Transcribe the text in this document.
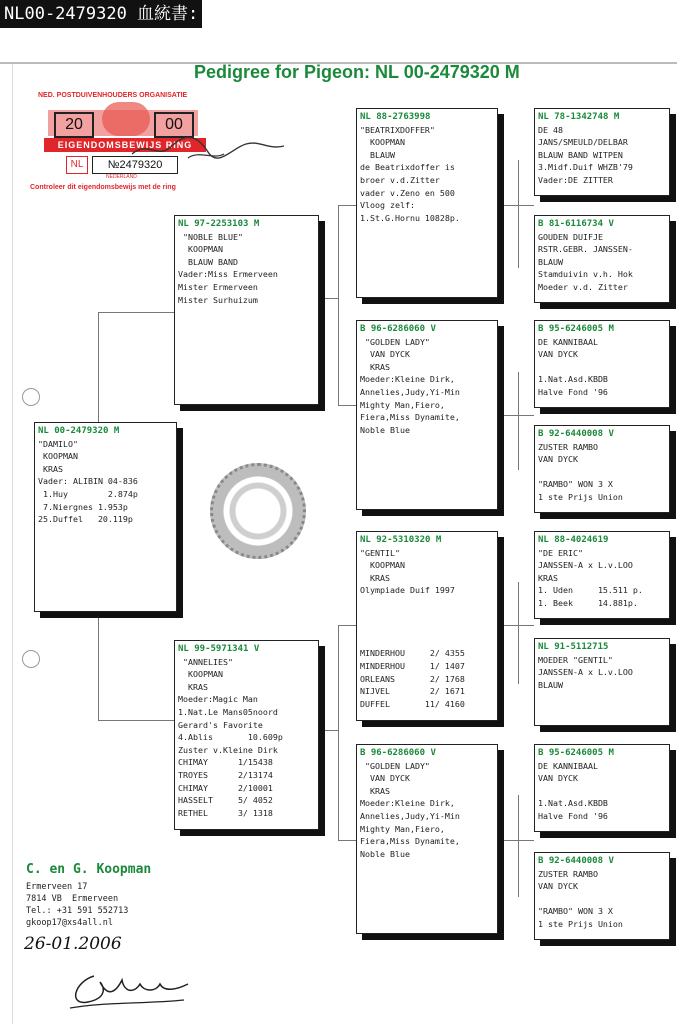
NL00-2479320 血統書:
Pedigree for Pigeon: NL 00-2479320 M
NED. POSTDUIVENHOUDERS ORGANISATIE
20	00
EIGENDOMSBEWIJS RING
NL	№2479320
NEDERLAND
Controleer dit eigendomsbewijs met de ring
NL 00-2479320 M
"DAMILO"
KOOPMAN
KRAS
Vader: ALIBIN 04-836
1.Huy        2.874p
7.Niergnes 1.953p
25.Duffel   20.119p
NL 97-2253103 M
"NOBLE BLUE"
KOOPMAN
BLAUW BAND
Vader:Miss Ermerveen
Mister Ermerveen
Mister Surhuizum
NL 99-5971341 V
"ANNELIES"
KOOPMAN
KRAS
Moeder:Magic Man
1.Nat.Le Mans05noord
Gerard's Favorite
4.Ablis       10.609p
Zuster v.Kleine Dirk
CHIMAY      1/15438
TROYES      2/13174
CHIMAY      2/10001
HASSELT     5/ 4052
RETHEL      3/ 1318
NL 88-2763998
"BEATRIXDOFFER"
KOOPMAN
BLAUW
de Beatrixdoffer is
broer v.d.Zitter
vader v.Zeno en 500
Vloog zelf:
1.St.G.Hornu 10828p.
B 96-6286060 V
"GOLDEN LADY"
VAN DYCK
KRAS
Moeder:Kleine Dirk,
Annelies,Judy,Yi-Min
Mighty Man,Fiero,
Fiera,Miss Dynamite,
Noble Blue
NL 92-5310320 M
"GENTIL"
KOOPMAN
KRAS
Olympiade Duif 1997

MINDERHOU     2/ 4355
MINDERHOU     1/ 1407
ORLEANS       2/ 1768
NIJVEL        2/ 1671
DUFFEL       11/ 4160
B 96-6286060 V
"GOLDEN LADY"
VAN DYCK
KRAS
Moeder:Kleine Dirk,
Annelies,Judy,Yi-Min
Mighty Man,Fiero,
Fiera,Miss Dynamite,
Noble Blue
NL 78-1342748 M
DE 48
JANS/SMEULD/DELBAR
BLAUW BAND WITPEN
3.Midf.Duif WHZB'79
Vader:DE ZITTER
B 81-6116734 V
GOUDEN DUIFJE
RSTR.GEBR. JANSSEN-
BLAUW
Stamduivin v.h. Hok
Moeder v.d. Zitter
B 95-6246005 M
DE KANNIBAAL
VAN DYCK

1.Nat.Asd.KBDB
Halve Fond '96
B 92-6440008 V
ZUSTER RAMBO
VAN DYCK

"RAMBO" WON 3 X
1 ste Prijs Union
NL 88-4024619
"DE ERIC"
JANSSEN-A x L.v.LOO
KRAS
1. Uden     15.511 p.
1. Beek     14.881p.
NL 91-5112715
MOEDER "GENTIL"
JANSSEN-A x L.v.LOO
BLAUW
B 95-6246005 M
DE KANNIBAAL
VAN DYCK

1.Nat.Asd.KBDB
Halve Fond '96
B 92-6440008 V
ZUSTER RAMBO
VAN DYCK

"RAMBO" WON 3 X
1 ste Prijs Union
C. en G. Koopman
Ermerveen 17
7814 VB  Ermerveen
Tel.: +31 591 552713
gkoop17@xs4all.nl
26-01.2006
